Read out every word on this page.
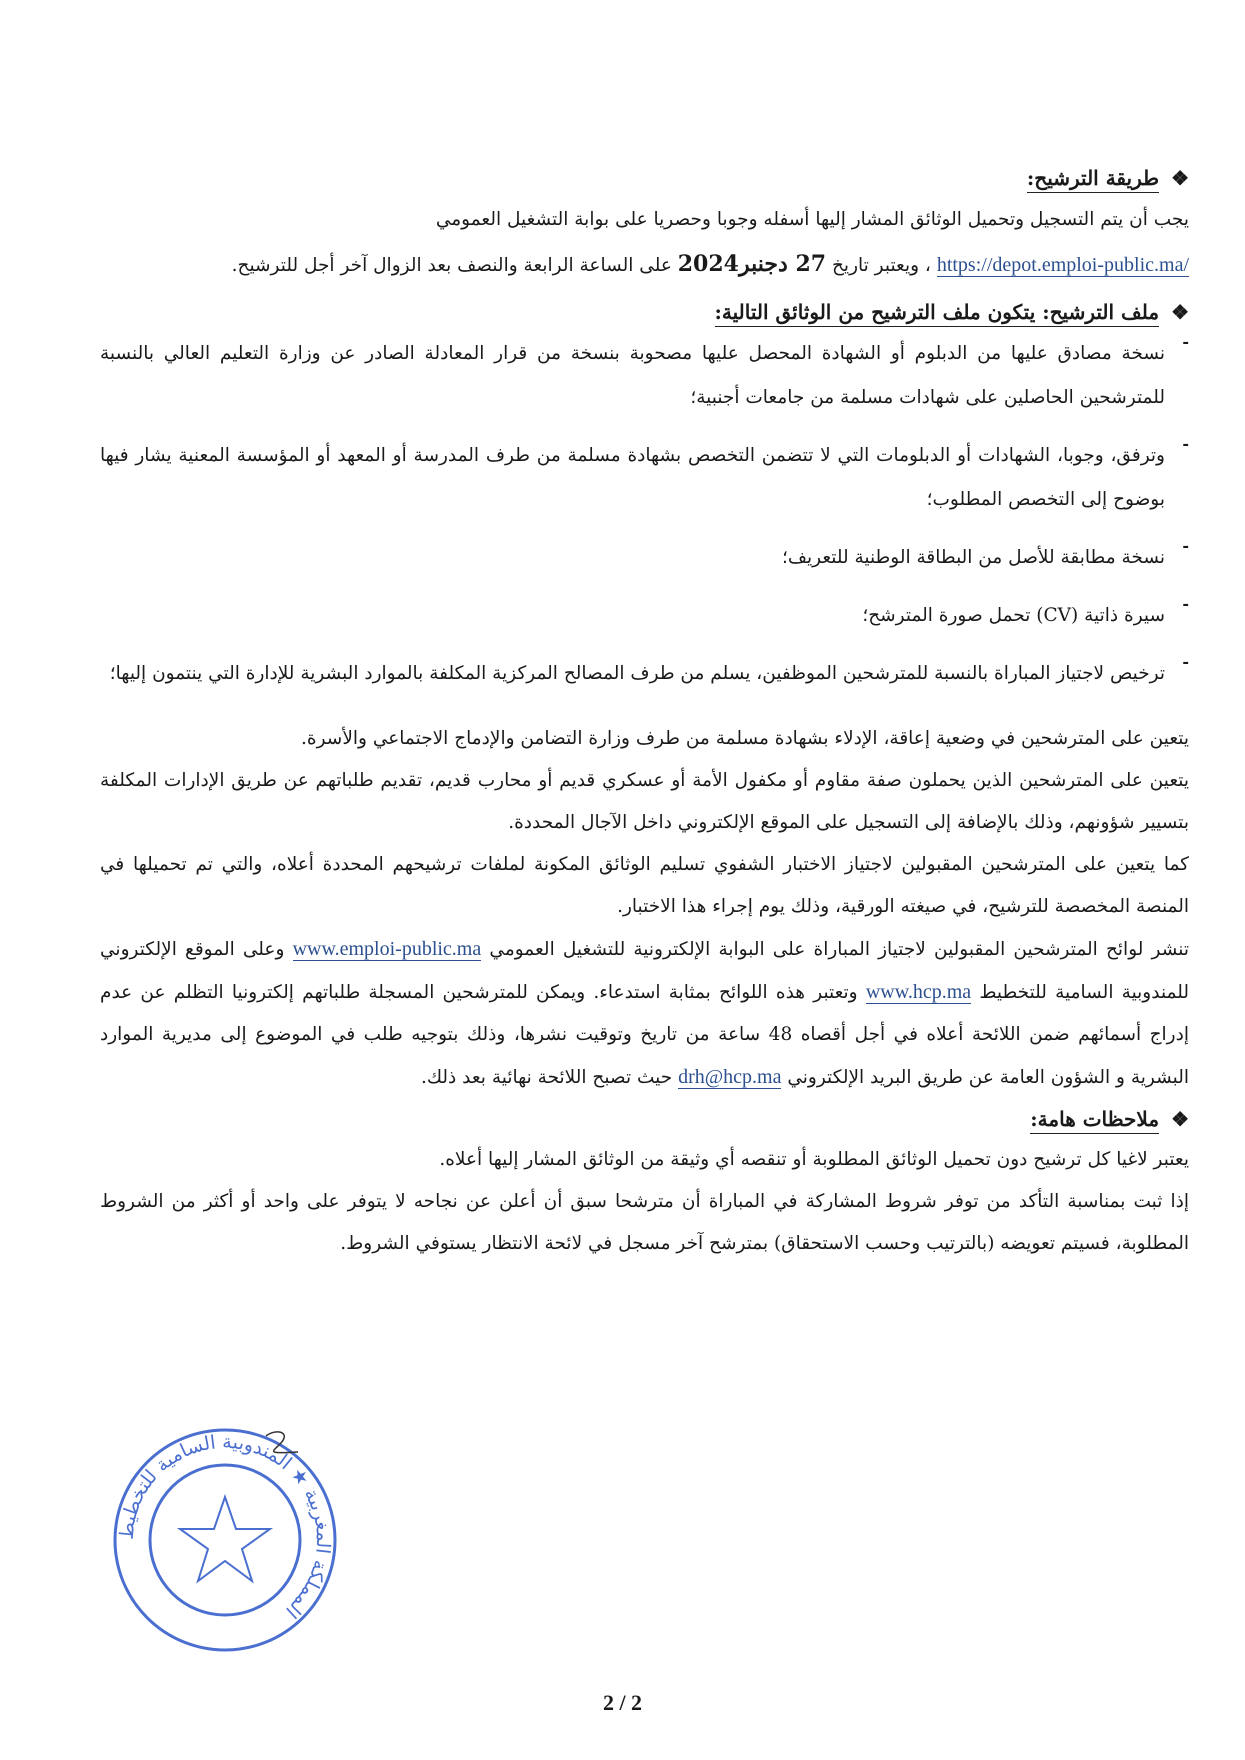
❖طريقة الترشيح:

يجب أن يتم التسجيل وتحميل الوثائق المشار إليها أسفله وجوبا وحصريا على بوابة التشغيل العمومي
https://depot.emploi-public.ma/ ، ويعتبر تاريخ 27 دجنبر2024 على الساعة الرابعة والنصف بعد الزوال آخر أجل للترشيح.

❖ملف الترشيح: يتكون ملف الترشيح من الوثائق التالية:
-

نسخة مصادق عليها من الدبلوم أو الشهادة المحصل عليها مصحوبة بنسخة من قرار المعادلة الصادر عن وزارة التعليم العالي بالنسبة للمترشحين الحاصلين على شهادات مسلمة من جامعات أجنبية؛

-

وترفق، وجوبا، الشهادات أو الدبلومات التي لا تتضمن التخصص بشهادة مسلمة من طرف المدرسة أو المعهد أو المؤسسة المعنية يشار فيها بوضوح إلى التخصص المطلوب؛

-

نسخة مطابقة للأصل من البطاقة الوطنية للتعريف؛

-

سيرة ذاتية (CV) تحمل صورة المترشح؛

-

ترخيص لاجتياز المباراة بالنسبة للمترشحين الموظفين، يسلم من طرف المصالح المركزية المكلفة بالموارد البشرية للإدارة التي ينتمون إليها؛

يتعين على المترشحين في وضعية إعاقة، الإدلاء بشهادة مسلمة من طرف وزارة التضامن والإدماج الاجتماعي والأسرة.

يتعين على المترشحين الذين يحملون صفة مقاوم أو مكفول الأمة أو عسكري قديم أو محارب قديم، تقديم طلباتهم عن طريق الإدارات المكلفة بتسيير شؤونهم، وذلك بالإضافة إلى التسجيل على الموقع الإلكتروني داخل الآجال المحددة.

كما يتعين على المترشحين المقبولين لاجتياز الاختبار الشفوي تسليم الوثائق المكونة لملفات ترشيحهم المحددة أعلاه، والتي تم تحميلها في المنصة المخصصة للترشيح، في صيغته الورقية، وذلك يوم إجراء هذا الاختبار.

تنشر لوائح المترشحين المقبولين لاجتياز المباراة على البوابة الإلكترونية للتشغيل العمومي www.emploi-public.ma وعلى الموقع الإلكتروني للمندوبية السامية للتخطيط www.hcp.ma وتعتبر هذه اللوائح بمثابة استدعاء. ويمكن للمترشحين المسجلة طلباتهم إلكترونيا التظلم عن عدم إدراج أسمائهم ضمن اللائحة أعلاه في أجل أقصاه 48 ساعة من تاريخ وتوقيت نشرها، وذلك بتوجيه طلب في الموضوع إلى مديرية الموارد البشرية و الشؤون العامة عن طريق البريد الإلكتروني drh@hcp.ma حيث تصبح اللائحة نهائية بعد ذلك.

❖ملاحظات هامة:

يعتبر لاغيا كل ترشيح دون تحميل الوثائق المطلوبة أو تنقصه أي وثيقة من الوثائق المشار إليها أعلاه.

إذا ثبت بمناسبة التأكد من توفر شروط المشاركة في المباراة أن مترشحا سبق أن أعلن عن نجاحه لا يتوفر على واحد أو أكثر من الشروط المطلوبة، فسيتم تعويضه (بالترتيب وحسب الاستحقاق) بمترشح آخر مسجل في لائحة الانتظار يستوفي الشروط.

المملكة المغربية ★ المندوبية السامية للتخطيط
2 / 2
